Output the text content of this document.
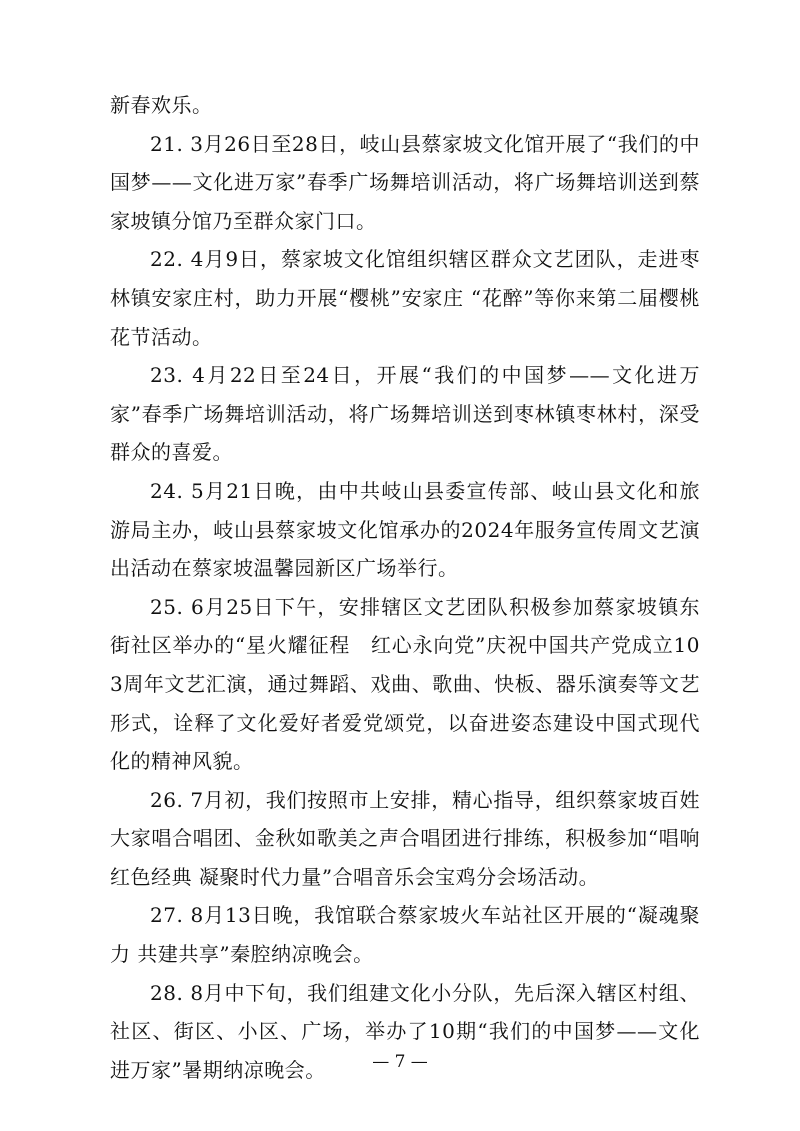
新春欢乐。

21. 3月26日至28日，岐山县蔡家坡文化馆开展了“我们的中国梦——文化进万家”春季广场舞培训活动，将广场舞培训送到蔡家坡镇分馆乃至群众家门口。

22. 4月9日，蔡家坡文化馆组织辖区群众文艺团队，走进枣林镇安家庄村，助力开展“樱桃”安家庄 “花醉”等你来第二届樱桃花节活动。

23. 4月22日至24日，开展“我们的中国梦——文化进万家”春季广场舞培训活动，将广场舞培训送到枣林镇枣林村，深受群众的喜爱。

24. 5月21日晚，由中共岐山县委宣传部、岐山县文化和旅游局主办，岐山县蔡家坡文化馆承办的2024年服务宣传周文艺演出活动在蔡家坡温馨园新区广场举行。

25. 6月25日下午，安排辖区文艺团队积极参加蔡家坡镇东街社区举办的“星火耀征程　红心永向党”庆祝中国共产党成立103周年文艺汇演，通过舞蹈、戏曲、歌曲、快板、器乐演奏等文艺形式，诠释了文化爱好者爱党颂党，以奋进姿态建设中国式现代化的精神风貌。

26. 7月初，我们按照市上安排，精心指导，组织蔡家坡百姓大家唱合唱团、金秋如歌美之声合唱团进行排练，积极参加“唱响红色经典 凝聚时代力量”合唱音乐会宝鸡分会场活动。

27. 8月13日晚，我馆联合蔡家坡火车站社区开展的“凝魂聚力 共建共享”秦腔纳凉晚会。

28. 8月中下旬，我们组建文化小分队，先后深入辖区村组、社区、街区、小区、广场，举办了10期“我们的中国梦——文化进万家”暑期纳凉晚会。	— 7 —
